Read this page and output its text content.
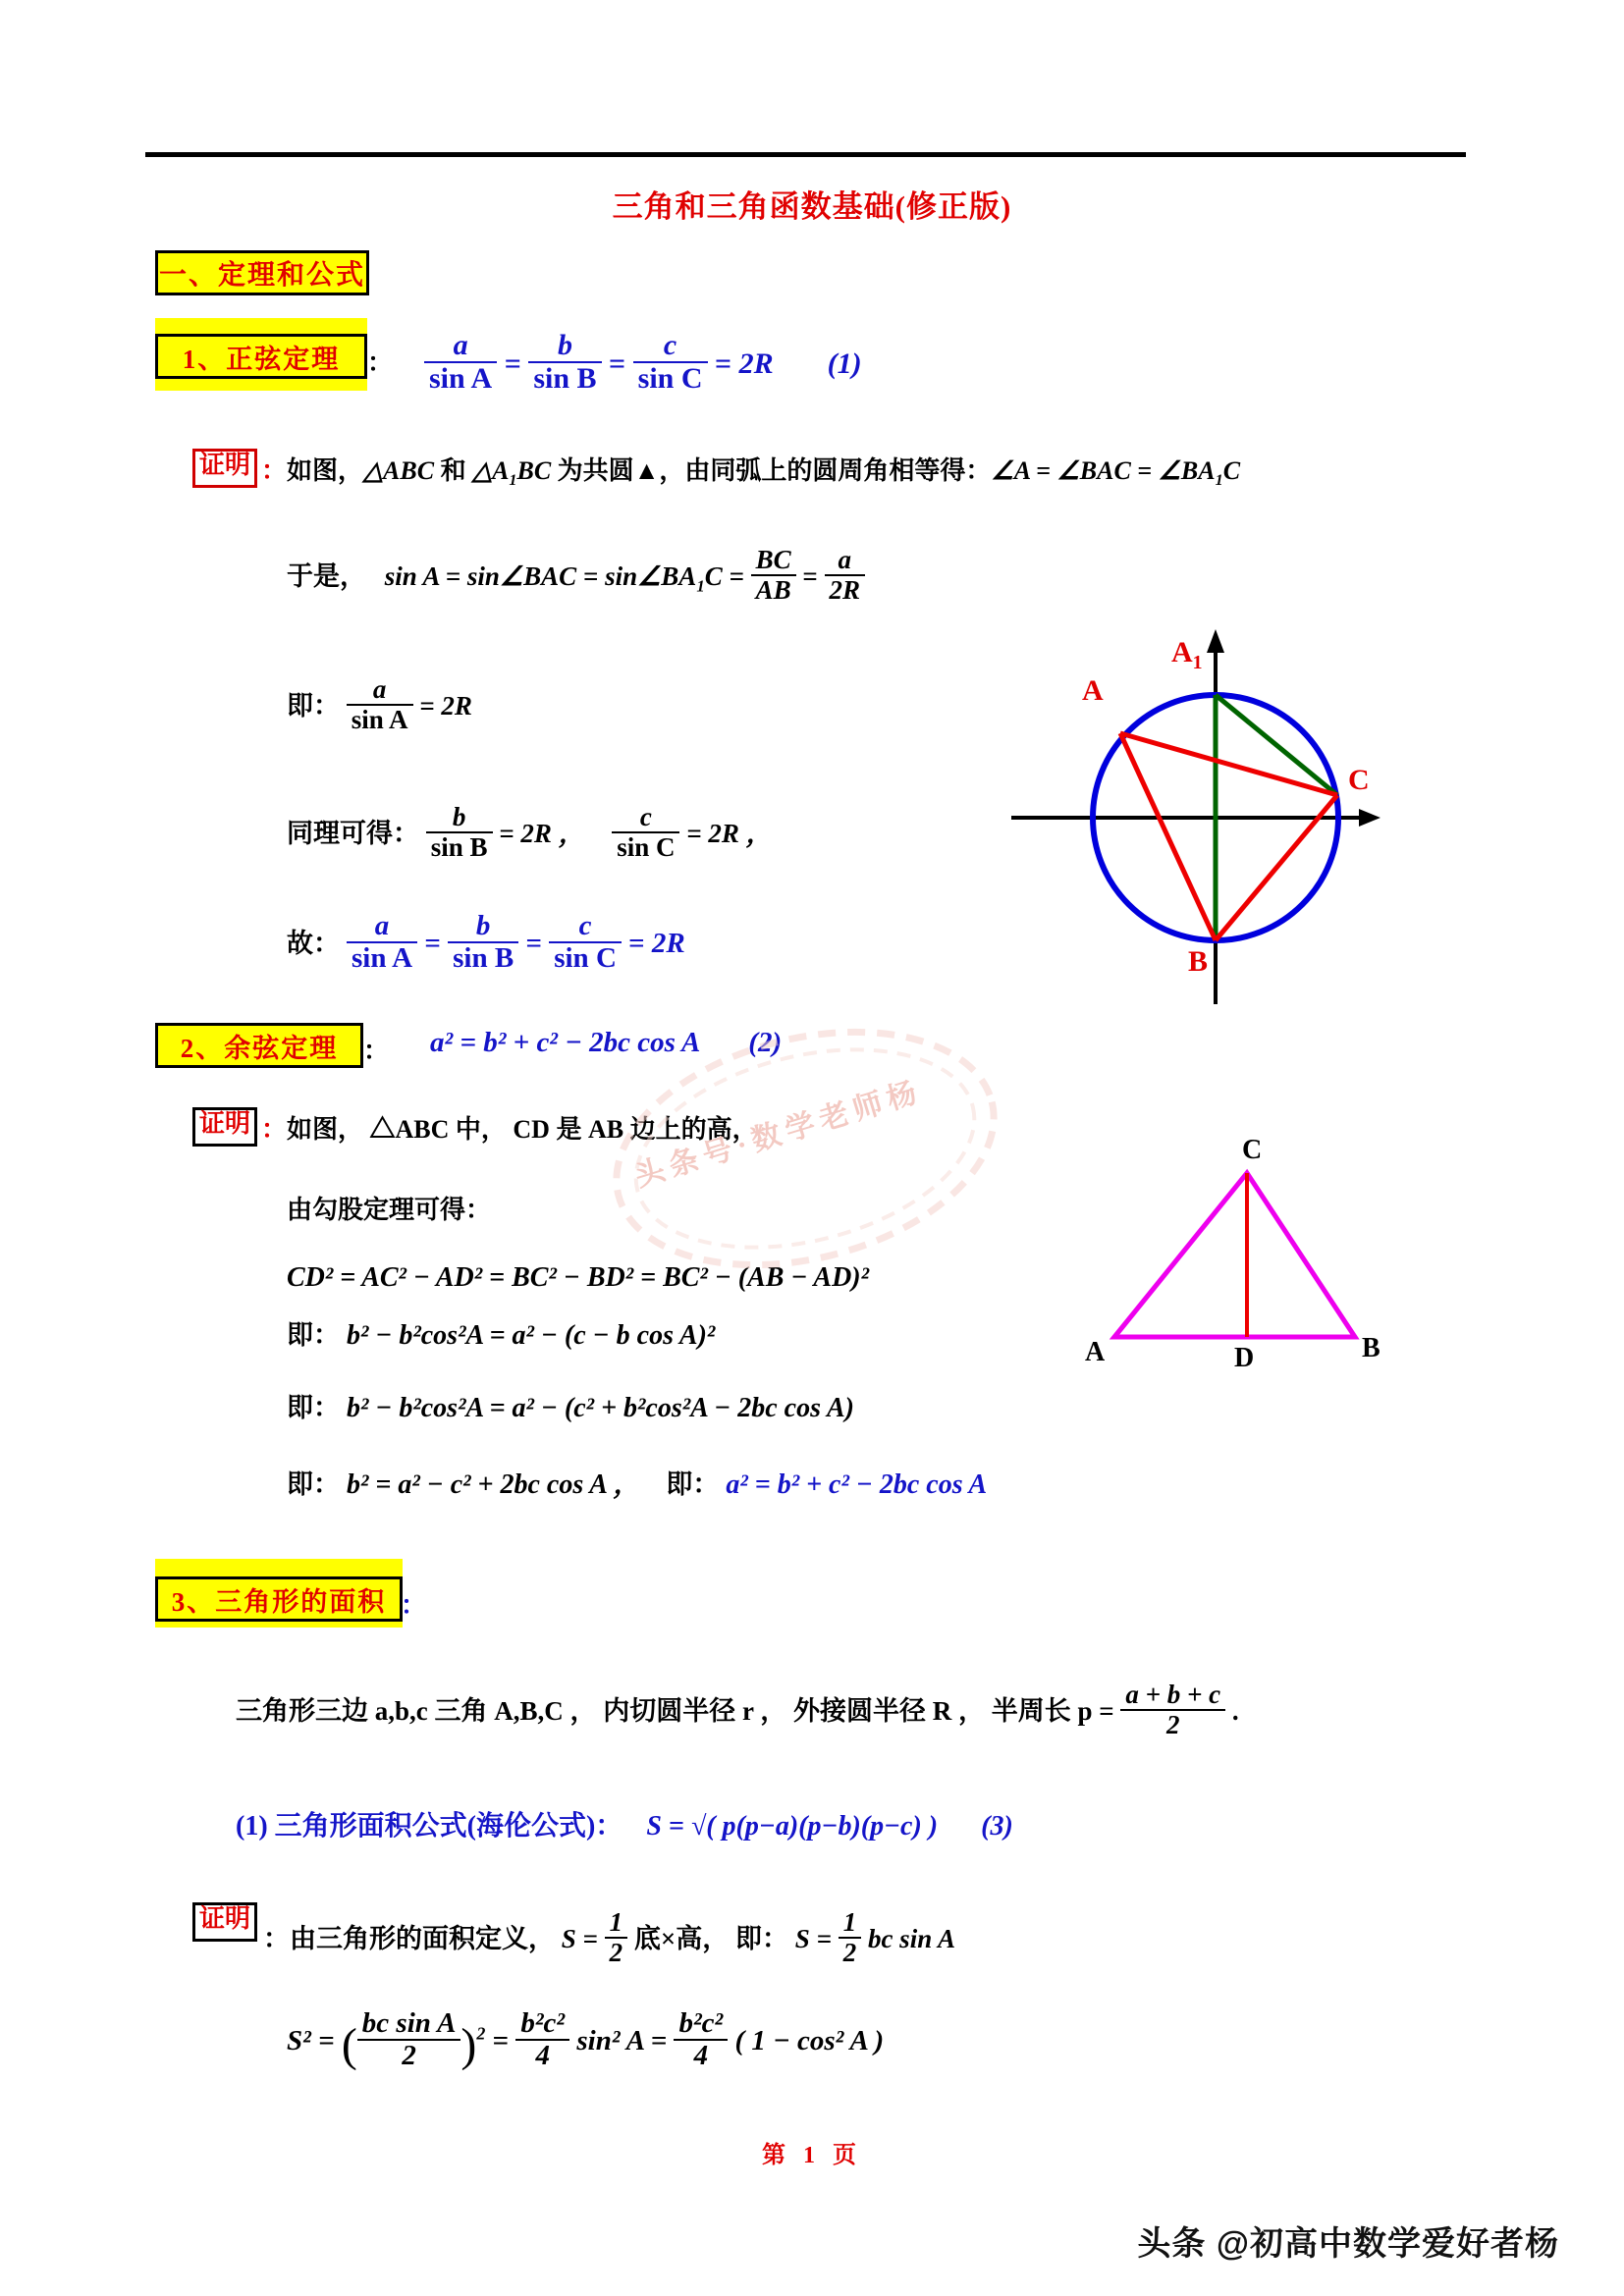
三角和三角函数基础(修正版)
一、定理和公式
1、 正弦定理 ： $\frac{a}{\text{sin A}} = \frac{b}{\text{sin B}} = \frac{c}{\text{sin C}} = 2R$ (1)
证明 ：如图，△ABC 和 $\triangle A_1BC$ 为共圆▲，由同弧上的圆周角相等得：∠A = ∠BAC = $\angle BA_1C$
于是， sin A = sin∠BAC = $\sin\angle BA_1C = \frac{BC}{AB} = \frac{a}{2R}$
即： $\frac{a}{\text{sin A}} = 2R$
同理可得： $\frac{b}{\text{sin B}} = 2R$ ， $\frac{c}{\text{sin C}} = 2R$ ，
故： $\frac{a}{\text{sin A}} = \frac{b}{\text{sin B}} = \frac{c}{\text{sin C}} = 2R$
$A_1$
A
C
B
2、 余弦定理 ： a² = b² + c² − 2bc cos A (2)
证明 ：如图， △ABC 中， CD 是 AB 边上的高，
由勾股定理可得：
CD² = AC² − AD² = BC² − BD² = BC² − (AB − AD)²
即： b² − b²cos²A = a² − (c − b cos A)²
即： b² − b²cos²A = a² − (c² + b²cos²A − 2bc cos A)
即： b² = a² − c² + 2bc cos A ， 即： a² = b² + c² − 2bc cos A
C
A	D	B
3、 三角形的面积 ：
三角形三边 a,b,c 三角 A,B,C ， 内切圆半径 r ， 外接圆半径 R ， 半周长 $p = \frac{a + b + c}{2}$ .
(1) 三角形面积公式(海伦公式)： S = √( p(p−a)(p−b)(p−c) ) (3)
证明
：由三角形的面积定义， $S = \frac{1}{2}$ 底×高， 即： $S = \frac{1}{2}$ bc sin A
S² = ( $\frac{\text{bc sin A}}{2} )^2 = \frac{\text{b²c²}}{4} \sin^2$ $A = \frac{\text{b²c²}}{4}$ ( 1 − cos² A )
头条号·数学老师杨
第 1 页
头条 @初高中数学爱好者杨
